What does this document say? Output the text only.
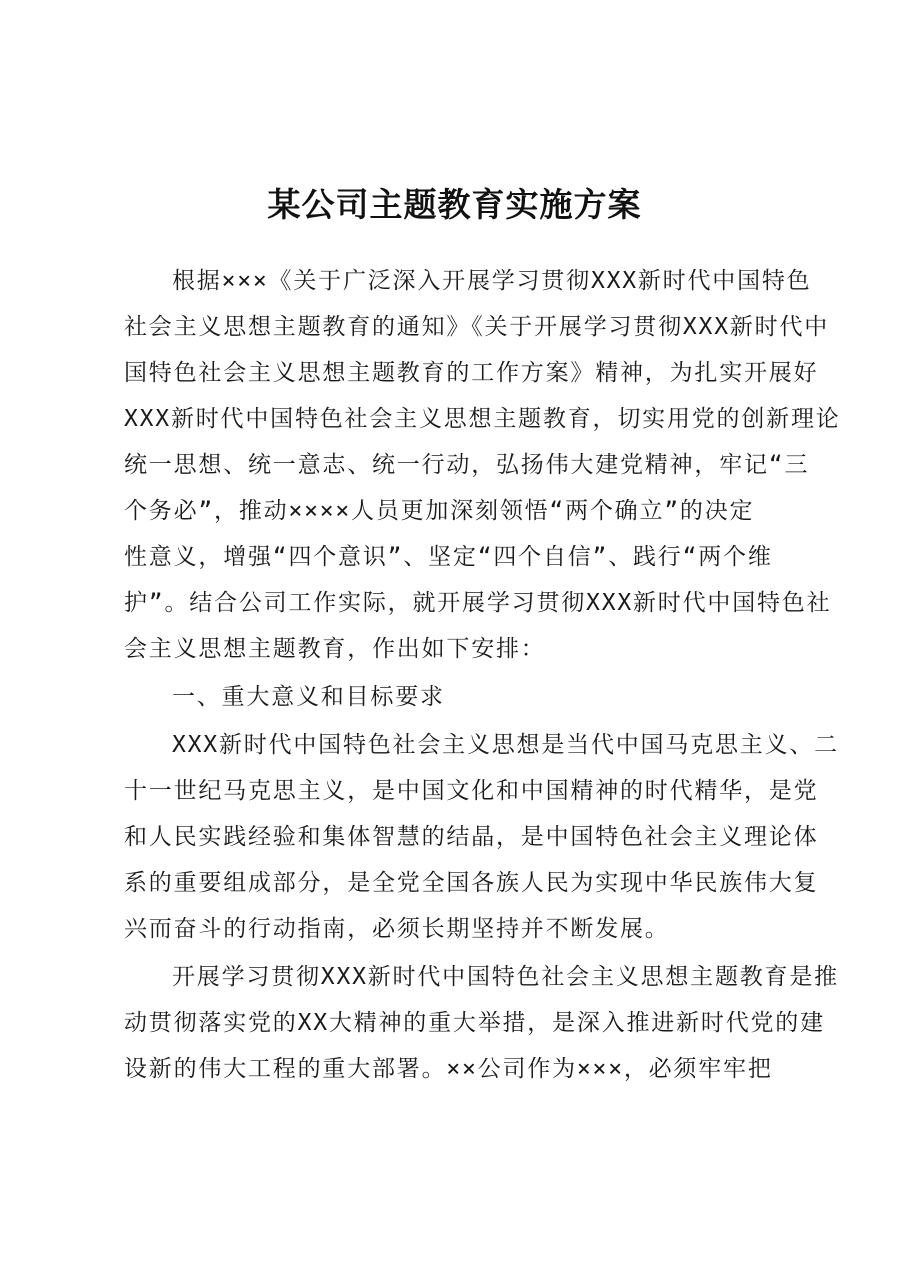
某公司主题教育实施方案

根据×××《关于广泛深入开展学习贯彻XXX新时代中国特色

社会主义思想主题教育的通知》《关于开展学习贯彻XXX新时代中

国特色社会主义思想主题教育的工作方案》精神，为扎实开展好

XXX新时代中国特色社会主义思想主题教育，切实用党的创新理论

统一思想、统一意志、统一行动，弘扬伟大建党精神，牢记“三

个务必”，推动××××人员更加深刻领悟“两个确立”的决定

性意义，增强“四个意识”、坚定“四个自信”、践行“两个维

护”。结合公司工作实际，就开展学习贯彻XXX新时代中国特色社

会主义思想主题教育，作出如下安排：

一、重大意义和目标要求

XXX新时代中国特色社会主义思想是当代中国马克思主义、二

十一世纪马克思主义，是中国文化和中国精神的时代精华，是党

和人民实践经验和集体智慧的结晶，是中国特色社会主义理论体

系的重要组成部分，是全党全国各族人民为实现中华民族伟大复

兴而奋斗的行动指南，必须长期坚持并不断发展。

开展学习贯彻XXX新时代中国特色社会主义思想主题教育是推

动贯彻落实党的XX大精神的重大举措，是深入推进新时代党的建

设新的伟大工程的重大部署。××公司作为×××，必须牢牢把
